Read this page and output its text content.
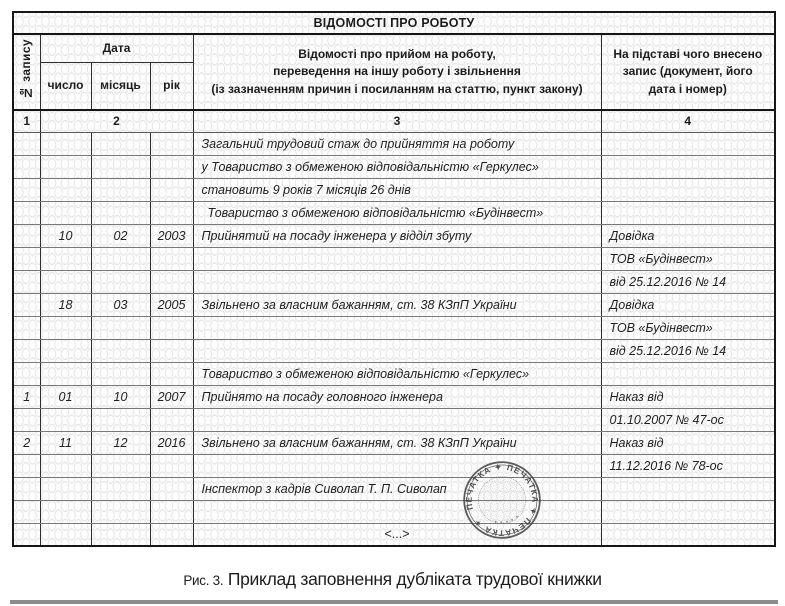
ВІДОМОСТІ ПРО РОБОТУ					
№ запису	Дата			Відомості про прийом на роботу,
переведення на іншу роботу і звільнення
(із зазначенням причин і посиланням на статтю, пункт закону)	На підставі чого внесено запис (документ, його дата і номер)
	число	місяць	рік		
1	2			3	4
				Загальний трудовий стаж до прийняття на роботу	
				у Товариство з обмеженою відповідальністю «Геркулес»	
				становить 9 років 7 місяців 26 днів	
				Товариство з обмеженою відповідальністю «Будінвест»	
	10	02	2003	Прийнятий на посаду інженера у відділ збуту	Довідка
					ТОВ «Будінвест»
					від 25.12.2016 № 14
	18	03	2005	Звільнено за власним бажанням, ст. 38 КЗпП України	Довідка
					ТОВ «Будінвест»
					від 25.12.2016 № 14
				Товариство з обмеженою відповідальністю «Геркулес»	
1	01	10	2007	Прийнято на посаду головного інженера	Наказ від
					01.10.2007 № 47-ос
2	11	12	2016	Звільнено за власним бажанням, ст. 38 КЗпП України	Наказ від
					11.12.2016 № 78-ос
				Інспектор з кадрів Сиволап Т. П. Сиволап	

				<...>	
ПЕЧАТКА ✦ ПЕЧАТКА ✦ ПЕЧАТКА ✦	✶ ✶ ✶ ✶ ✶
Рис. 3. Приклад заповнення дубліката трудової книжки
